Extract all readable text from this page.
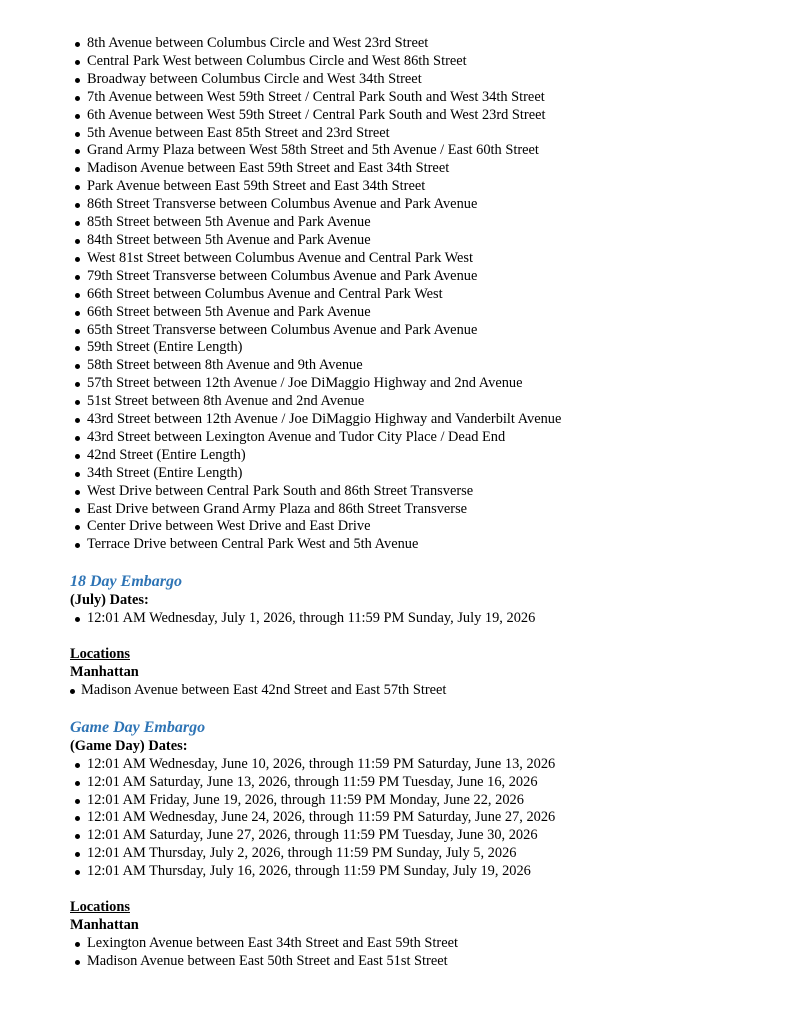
8th Avenue between Columbus Circle and West 23rd Street
Central Park West between Columbus Circle and West 86th Street
Broadway between Columbus Circle and West 34th Street
7th Avenue between West 59th Street / Central Park South and West 34th Street
6th Avenue between West 59th Street / Central Park South and West 23rd Street
5th Avenue between East 85th Street and 23rd Street
Grand Army Plaza between West 58th Street and 5th Avenue / East 60th Street
Madison Avenue between East 59th Street and East 34th Street
Park Avenue between East 59th Street and East 34th Street
86th Street Transverse between Columbus Avenue and Park Avenue
85th Street between 5th Avenue and Park Avenue
84th Street between 5th Avenue and Park Avenue
West 81st Street between Columbus Avenue and Central Park West
79th Street Transverse between Columbus Avenue and Park Avenue
66th Street between Columbus Avenue and Central Park West
66th Street between 5th Avenue and Park Avenue
65th Street Transverse between Columbus Avenue and Park Avenue
59th Street (Entire Length)
58th Street between 8th Avenue and 9th Avenue
57th Street between 12th Avenue / Joe DiMaggio Highway and 2nd Avenue
51st Street between 8th Avenue and 2nd Avenue
43rd Street between 12th Avenue / Joe DiMaggio Highway and Vanderbilt Avenue
43rd Street between Lexington Avenue and Tudor City Place / Dead End
42nd Street (Entire Length)
34th Street (Entire Length)
West Drive between Central Park South and 86th Street Transverse
East Drive between Grand Army Plaza and 86th Street Transverse
Center Drive between West Drive and East Drive
Terrace Drive between Central Park West and 5th Avenue
18 Day Embargo
(July) Dates:
12:01 AM Wednesday, July 1, 2026, through 11:59 PM Sunday, July 19, 2026
Locations
Manhattan
Madison Avenue between East 42nd Street and East 57th Street
Game Day Embargo
(Game Day) Dates:
12:01 AM Wednesday, June 10, 2026, through 11:59 PM Saturday, June 13, 2026
12:01 AM Saturday, June 13, 2026, through 11:59 PM Tuesday, June 16, 2026
12:01 AM Friday, June 19, 2026, through 11:59 PM Monday, June 22, 2026
12:01 AM Wednesday, June 24, 2026, through 11:59 PM Saturday, June 27, 2026
12:01 AM Saturday, June 27, 2026, through 11:59 PM Tuesday, June 30, 2026
12:01 AM Thursday, July 2, 2026, through 11:59 PM Sunday, July 5, 2026
12:01 AM Thursday, July 16, 2026, through 11:59 PM Sunday, July 19, 2026
Locations
Manhattan
Lexington Avenue between East 34th Street and East 59th Street
Madison Avenue between East 50th Street and East 51st Street
